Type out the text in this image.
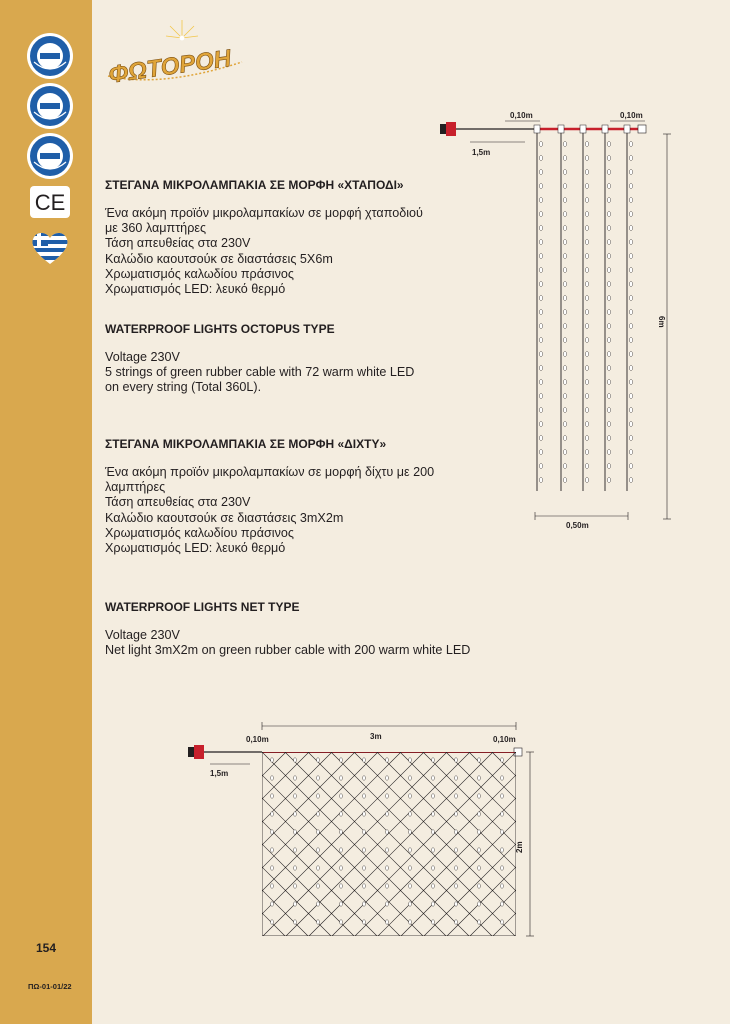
CE
154
ΠΩ-01-01/22
ΦΩΤΟΡΟΗ

ΣΤΕΓΑΝΑ ΜΙΚΡΟΛΑΜΠΑΚΙΑ ΣΕ ΜΟΡΦΗ «ΧΤΑΠΟΔΙ»

Ένα ακόμη προϊόν μικρολαμπακίων σε μορφή χταποδιού
με 360 λαμπτήρες
Τάση απευθείας στα 230V
Καλώδιο καουτσούκ σε διαστάσεις 5Χ6m
Χρωματισμός καλωδίου πράσινος
Χρωματισμός LED: λευκό θερμό

WATERPROOF LIGHTS OCTOPUS TYPE

Voltage 230V
5 strings of green rubber cable with 72 warm white LED
on every string (Total 360L).

ΣΤΕΓΑΝΑ ΜΙΚΡΟΛΑΜΠΑΚΙΑ ΣΕ ΜΟΡΦΗ «ΔΙΧΤΥ»

Ένα ακόμη προϊόν μικρολαμπακίων σε μορφή δίχτυ με 200
λαμπτήρες
Τάση απευθείας στα 230V
Καλώδιο καουτσούκ σε διαστάσεις 3mX2m
Χρωματισμός καλωδίου πράσινος
Χρωματισμός LED: λευκό θερμό

WATERPROOF LIGHTS NET TYPE

Voltage 230V
Net light 3mX2m on green rubber cable with 200 warm white LED
0,10m	0,10m
1,5m
6m
0,50m
3m
0,10m	0,10m
1,5m
2m
